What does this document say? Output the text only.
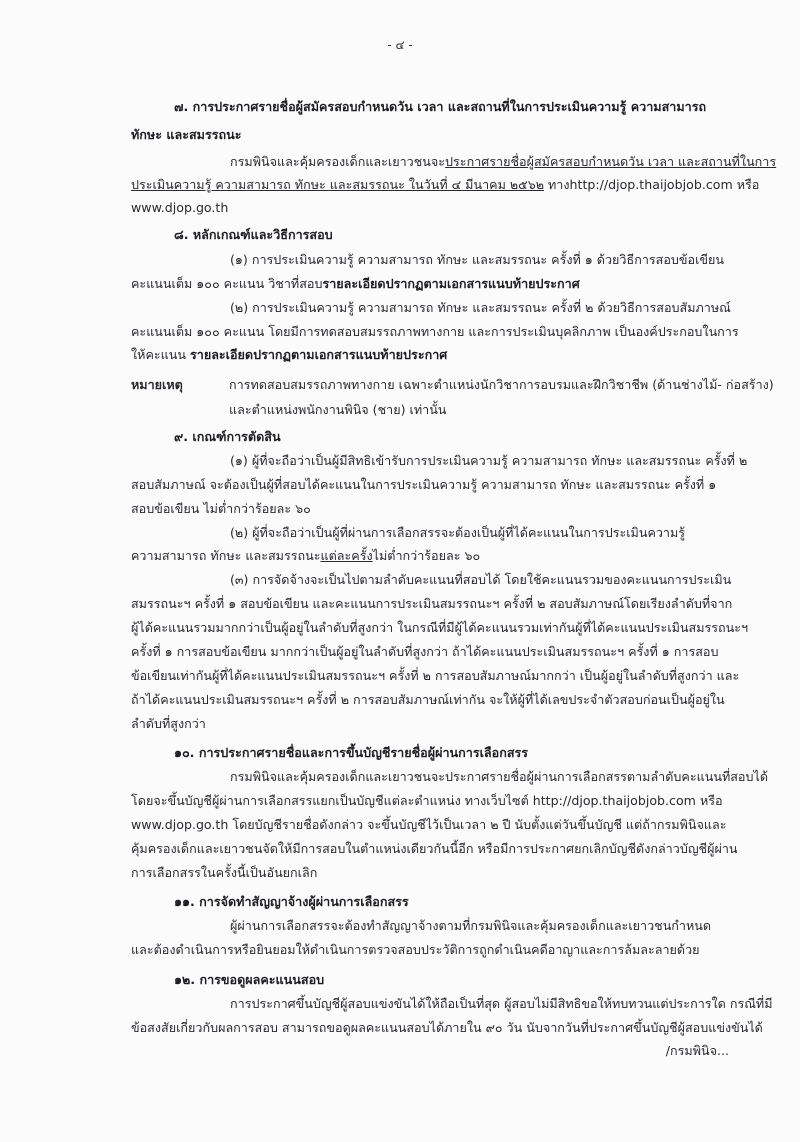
- ๔ -
๗. การประกาศรายชื่อผู้สมัครสอบกำหนดวัน เวลา และสถานที่ในการประเมินความรู้ ความสามารถ
ทักษะ และสมรรถนะ
กรมพินิจและคุ้มครองเด็กและเยาวชนจะประกาศรายชื่อผู้สมัครสอบกำหนดวัน เวลา และสถานที่ในการ
ประเมินความรู้ ความสามารถ ทักษะ และสมรรถนะ ในวันที่ ๔ มีนาคม ๒๕๖๒ ทางhttp://djop.thaijobjob.com หรือ
www.djop.go.th
๘. หลักเกณฑ์และวิธีการสอบ
(๑) การประเมินความรู้ ความสามารถ ทักษะ และสมรรถนะ ครั้งที่ ๑ ด้วยวิธีการสอบข้อเขียน
คะแนนเต็ม ๑๐๐ คะแนน วิชาที่สอบรายละเอียดปรากฏตามเอกสารแนบท้ายประกาศ
(๒) การประเมินความรู้ ความสามารถ ทักษะ และสมรรถนะ ครั้งที่ ๒ ด้วยวิธีการสอบสัมภาษณ์
คะแนนเต็ม ๑๐๐ คะแนน โดยมีการทดสอบสมรรถภาพทางกาย และการประเมินบุคลิกภาพ เป็นองค์ประกอบในการ
ให้คะแนน รายละเอียดปรากฏตามเอกสารแนบท้ายประกาศ
หมายเหตุ	การทดสอบสมรรถภาพทางกาย เฉพาะตำแหน่งนักวิชาการอบรมและฝึกวิชาชีพ (ด้านช่างไม้- ก่อสร้าง)
และตำแหน่งพนักงานพินิจ (ชาย) เท่านั้น
๙. เกณฑ์การตัดสิน
(๑) ผู้ที่จะถือว่าเป็นผู้มีสิทธิเข้ารับการประเมินความรู้ ความสามารถ ทักษะ และสมรรถนะ ครั้งที่ ๒
สอบสัมภาษณ์ จะต้องเป็นผู้ที่สอบได้คะแนนในการประเมินความรู้ ความสามารถ ทักษะ และสมรรถนะ ครั้งที่ ๑
สอบข้อเขียน ไม่ต่ำกว่าร้อยละ ๖๐
(๒) ผู้ที่จะถือว่าเป็นผู้ที่ผ่านการเลือกสรรจะต้องเป็นผู้ที่ได้คะแนนในการประเมินความรู้
ความสามารถ ทักษะ และสมรรถนะแต่ละครั้งไม่ต่ำกว่าร้อยละ ๖๐
(๓) การจัดจ้างจะเป็นไปตามลำดับคะแนนที่สอบได้ โดยใช้คะแนนรวมของคะแนนการประเมิน
สมรรถนะฯ ครั้งที่ ๑ สอบข้อเขียน และคะแนนการประเมินสมรรถนะฯ ครั้งที่ ๒ สอบสัมภาษณ์โดยเรียงลำดับที่จาก
ผู้ได้คะแนนรวมมากกว่าเป็นผู้อยู่ในลำดับที่สูงกว่า ในกรณีที่มีผู้ได้คะแนนรวมเท่ากันผู้ที่ได้คะแนนประเมินสมรรถนะฯ
ครั้งที่ ๑ การสอบข้อเขียน มากกว่าเป็นผู้อยู่ในลำดับที่สูงกว่า ถ้าได้คะแนนประเมินสมรรถนะฯ ครั้งที่ ๑ การสอบ
ข้อเขียนเท่ากันผู้ที่ได้คะแนนประเมินสมรรถนะฯ ครั้งที่ ๒ การสอบสัมภาษณ์มากกว่า เป็นผู้อยู่ในลำดับที่สูงกว่า และ
ถ้าได้คะแนนประเมินสมรรถนะฯ ครั้งที่ ๒ การสอบสัมภาษณ์เท่ากัน จะให้ผู้ที่ได้เลขประจำตัวสอบก่อนเป็นผู้อยู่ใน
ลำดับที่สูงกว่า
๑๐. การประกาศรายชื่อและการขึ้นบัญชีรายชื่อผู้ผ่านการเลือกสรร
กรมพินิจและคุ้มครองเด็กและเยาวชนจะประกาศรายชื่อผู้ผ่านการเลือกสรรตามลำดับคะแนนที่สอบได้
โดยจะขึ้นบัญชีผู้ผ่านการเลือกสรรแยกเป็นบัญชีแต่ละตำแหน่ง ทางเว็บไซต์ http://djop.thaijobjob.com หรือ
www.djop.go.th โดยบัญชีรายชื่อดังกล่าว จะขึ้นบัญชีไว้เป็นเวลา ๒ ปี นับตั้งแต่วันขึ้นบัญชี แต่ถ้ากรมพินิจและ
คุ้มครองเด็กและเยาวชนจัดให้มีการสอบในตำแหน่งเดียวกันนี้อีก หรือมีการประกาศยกเลิกบัญชีดังกล่าวบัญชีผู้ผ่าน
การเลือกสรรในครั้งนี้เป็นอันยกเลิก
๑๑. การจัดทำสัญญาจ้างผู้ผ่านการเลือกสรร
ผู้ผ่านการเลือกสรรจะต้องทำสัญญาจ้างตามที่กรมพินิจและคุ้มครองเด็กและเยาวชนกำหนด
และต้องดำเนินการหรือยินยอมให้ดำเนินการตรวจสอบประวัติการถูกดำเนินคดีอาญาและการล้มละลายด้วย
๑๒. การขอดูผลคะแนนสอบ
การประกาศขึ้นบัญชีผู้สอบแข่งขันได้ให้ถือเป็นที่สุด ผู้สอบไม่มีสิทธิขอให้ทบทวนแต่ประการใด กรณีที่มี
ข้อสงสัยเกี่ยวกับผลการสอบ สามารถขอดูผลคะแนนสอบได้ภายใน ๙๐ วัน นับจากวันที่ประกาศขึ้นบัญชีผู้สอบแข่งขันได้
/กรมพินิจ...
